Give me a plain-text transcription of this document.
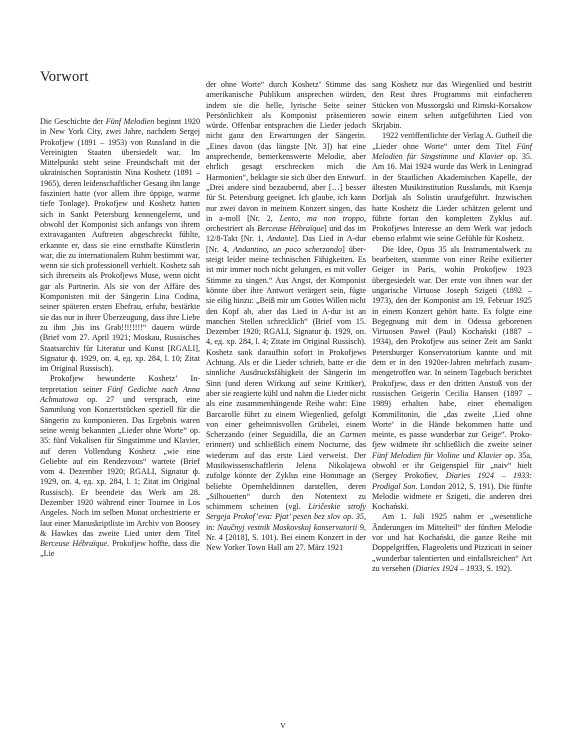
Vorwort

Die Geschichte der Fünf Melodien beginnt 1920 in New York City, zwei Jahre, nachdem Sergej Prokofjew (1891 – 1953) von Russland in die Vereinigten Staaten übersiedelt war. Im Mittelpunkt steht seine Freundschaft mit der ukrainischen Sopranistin Nina Koshetz (1891 – 1965), deren leidenschaftlicher Gesang ihn lange fasziniert hatte (vor allem ihre üppige, warme tiefe Tonlage). Prokofjew und Koshetz hatten sich in Sankt Petersburg kennengelernt, und obwohl der Komponist sich anfangs von ihrem extravaganten Auftreten abgeschreckt fühlte, erkannte er, dass sie eine ernsthafte Künstlerin war, die zu internationalem Ruhm bestimmt war, wenn sie sich professionell verhielt. Koshetz sah sich ihrerseits als Prokofjews Muse, wenn nicht gar als Partnerin. Als sie von der Affäre des Komponisten mit der Sängerin Lina Codina, seiner späteren ersten Ehefrau, erfuhr, bestärkte sie das nur in ihrer Überzeugung, dass ihre Liebe zu ihm „bis ins Grab!!!!!!!!“ dauern würde (Brief vom 27. April 1921; Moskau, Russisches Staatsarchiv für Literatur und Kunst [RGALI], Signatur ф. 1929, оп. 4, ед. хр. 284, l. 10; Zitat im Original Russisch).

Prokofjew bewunderte Koshetz’ Interpretation seiner Fünf Gedichte nach Anna Achmatowa op. 27 und versprach, eine Sammlung von Konzertstücken speziell für die Sängerin zu komponieren. Das Ergebnis waren seine wenig bekannten „Lieder ohne Worte“ op. 35: fünf Vokalisen für Singstimme und Klavier, auf deren Vollendung Koshetz „wie eine Geliebte auf ein Rendezvous“ wartete (Brief vom 4. Dezember 1920; RGALI, Signatur ф. 1929, оп. 4, ед. хр. 284, l. 1; Zitat im Original Russisch). Er beendete das Werk am 28. Dezember 1920 während einer Tournee in Los Angeles. Noch im selben Monat orchestrierte er laut einer Manuskriptliste im Archiv von Boosey & Hawkes das zweite Lied unter dem Titel Berceuse Hébraïque. Prokofjew hoffte, dass die „Lie

der ohne Worte“ durch Koshetz’ Stimme das amerikanische Publikum ansprechen würden, indem sie die helle, lyrische Seite seiner Persönlichkeit als Komponist präsentieren würde. Offenbar entsprachen die Lieder jedoch nicht ganz den Erwartungen der Sängerin. „Eines davon (das längste [Nr. 3]) hat eine ansprechende, bemerkenswerte Melodie, aber ehrlich gesagt erschrecken mich die Harmonien“, beklagte sie sich über den Entwurf. „Drei andere sind bezaubernd, aber […] besser für St. Petersburg geeignet. Ich glaube, ich kann nur zwei davon in meinem Konzert singen, das in a-moll [Nr. 2, Lento, ma non troppo, orchestriert als Berceuse Hébraïque] und das im 12/8-Takt [Nr. 1, Andante]. Das Lied in A-dur [Nr. 4, Andantino, un poco scherzando] übersteigt leider meine technischen Fähigkeiten. Es ist mir immer noch nicht gelungen, es mit voller Stimme zu singen.“ Aus Angst, der Komponist könnte über ihre Antwort verärgert sein, fügte sie eilig hinzu: „Beiß mir um Gottes Willen nicht den Kopf ab, aber das Lied in A-dur ist an manchen Stellen schrecklich“ (Brief vom 15. Dezember 1920; RGALI, Signatur ф. 1929, оп. 4, ед. хр. 284, l. 4; Zitate im Original Russisch). Koshetz sank daraufhin sofort in Prokofjews Achtung. Als er die Lieder schrieb, hatte er die sinnliche Ausdrucksfähigkeit der Sängerin im Sinn (und deren Wirkung auf seine Kritiker), aber sie reagierte kühl und nahm die Lieder nicht als eine zusammenhängende Reihe wahr: Eine Barcarolle führt zu einem Wiegenlied, gefolgt von einer geheimnisvollen Grübelei, einem Scherzando (einer Seguidilla, die an Carmen erinnert) und schließlich einem Nocturne, das wiederum auf das erste Lied verweist. Der Musikwissenschaftlerin Jelena Nikolajewa zufolge könnte der Zyklus eine Hommage an beliebte Opernheldinnen darstellen, deren „Silhouetten“ durch den Notentext zu schimmern scheinen (vgl. Liričeskie strofy Sergeja Prokof’eva: Pjat’ pesen bez slov op. 35, in: Naučnyj vestnik Moskovskoj konservatorii 9, Nr. 4 [2018], S. 101). Bei einem Konzert in der New Yorker Town Hall am 27. März 1921

sang Koshetz nur das Wiegenlied und bestritt den Rest ihres Programms mit einfacheren Stücken von Mussorgski und Rimski-Korsakow sowie einem selten aufgeführten Lied von Skrjabin.

1922 veröffentlichte der Verlag A. Gutheil die „Lieder ohne Worte“ unter dem Titel Fünf Melodien für Singstimme und Klavier op. 35. Am 16. Mai 1924 wurde das Werk in Leningrad in der Staatlichen Akademischen Kapelle, der ältesten Musikinstitution Russlands, mit Ksenja Dorljak als Solistin uraufgeführt. Inzwischen hatte Koshetz die Lieder schätzen gelernt und führte fortan den kompletten Zyklus auf. Prokofjews Interesse an dem Werk war jedoch ebenso erlahmt wie seine Gefühle für Koshetz.

Die Idee, Opus 35 als Instrumentalwerk zu bearbeiten, stammte von einer Reihe exilierter Geiger in Paris, wohin Prokofjew 1923 übergesiedelt war. Der erste von ihnen war der ungarische Virtuose Joseph Szigeti (1892 – 1973), den der Komponist am 19. Februar 1925 in einem Konzert gehört hatte. Es folgte eine Begegnung mit dem in Odessa geborenen Virtuosen Paweł (Paul) Kochański (1887 – 1934), den Prokofjew aus seiner Zeit am Sankt Petersburger Konservatorium kannte und mit dem er in den 1920er-Jahren mehrfach zusammengetroffen war. In seinem Tagebuch berichtet Prokofjew, dass er den dritten Anstoß von der russischen Geigerin Cecilia Hansen (1897 – 1989) erhalten habe, einer ehemaligen Kommilitonin, die „das zweite ‚Lied ohne Worte‘ in die Hände bekommen hatte und meinte, es passe wunderbar zur Geige“. Prokofjew widmete ihr schließlich die zweite seiner Fünf Melodien für Violine und Klavier op. 35a, obwohl er ihr Geigenspiel für „naiv“ hielt (Sergey Prokofiev, Diaries 1924 – 1933: Prodigal Son. London 2012, S. 191). Die fünfte Melodie widmete er Szigeti, die anderen drei Kochański.

Am 1. Juli 1925 nahm er „wesentliche Änderungen im Mittelteil“ der fünften Melodie vor und hat Kochański, die ganze Reihe mit Doppelgriffen, Flageoletts und Pizzicati in seiner „wunderbar talentierten und einfallsreichen“ Art zu versehen (Diaries 1924 – 1933, S. 192).

V
